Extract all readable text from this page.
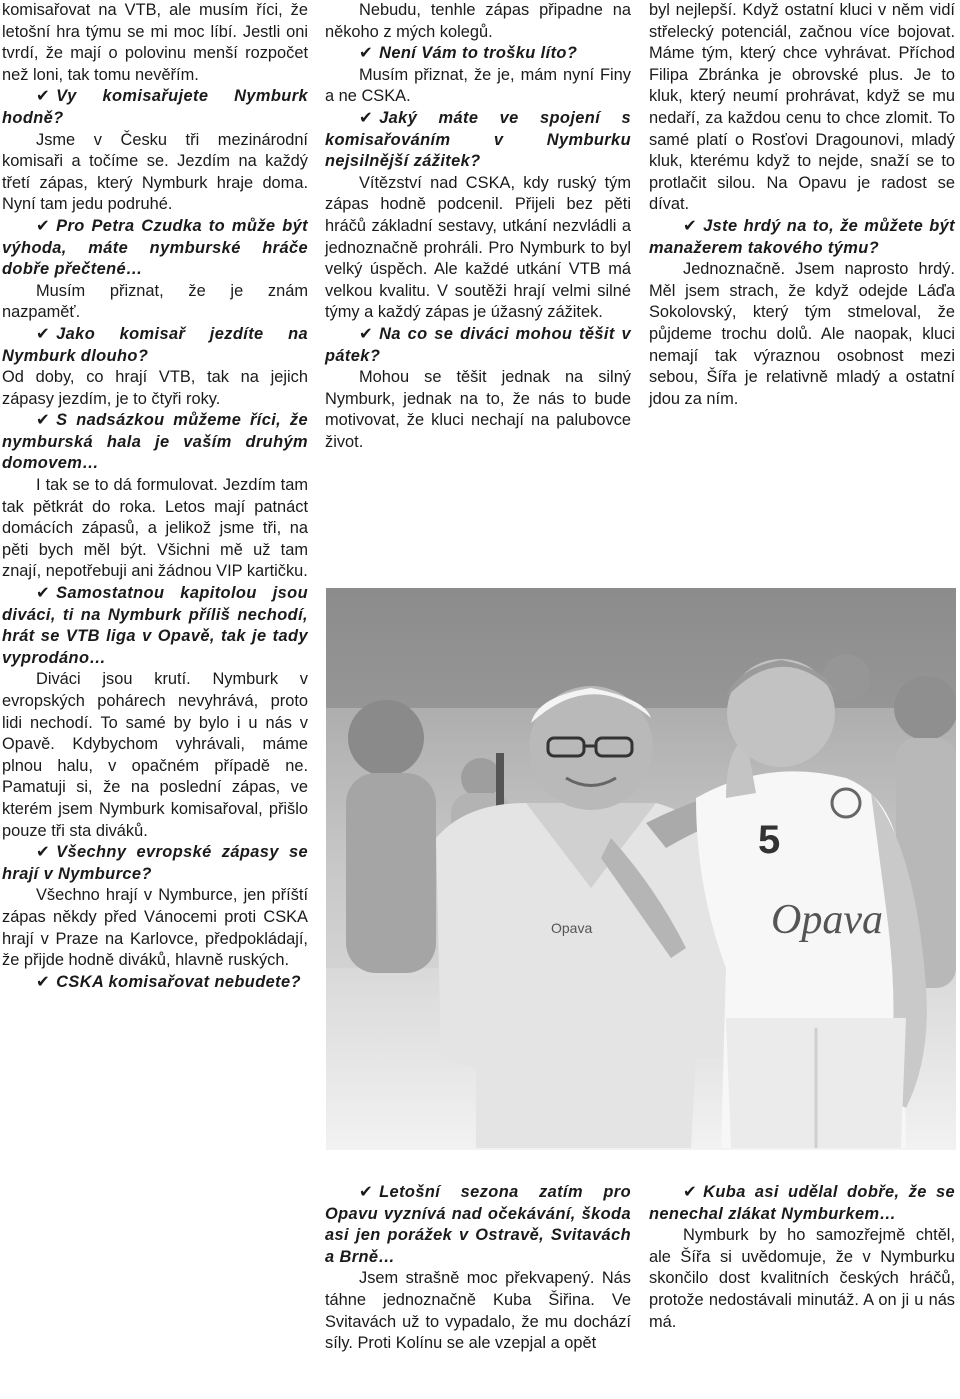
komisařovat na VTB, ale musím říci, že letošní hra týmu se mi moc líbí. Jestli oni tvrdí, že mají o polovinu menší rozpočet než loni, tak tomu nevěřím.

✔ Vy komisařujete Nymburk hodně?

Jsme v Česku tři mezinárodní komisaři a točíme se. Jezdím na každý třetí zápas, který Nymburk hraje doma. Nyní tam jedu podruhé.

✔ Pro Petra Czudka to může být výhoda, máte nymburské hráče dobře přečtené…

Musím přiznat, že je znám nazpaměť.

✔ Jako komisař jezdíte na Nymburk dlouho?

Od doby, co hrají VTB, tak na jejich zápasy jezdím, je to čtyři roky.

✔ S nadsázkou můžeme říci, že nymburská hala je vaším druhým domovem…

I tak se to dá formulovat. Jezdím tam tak pětkrát do roka. Letos mají patnáct domácích zápasů, a jelikož jsme tři, na pěti bych měl být. Všichni mě už tam znají, nepotřebuji ani žádnou VIP kartičku.

✔ Samostatnou kapitolou jsou diváci, ti na Nymburk příliš nechodí, hrát se VTB liga v Opavě, tak je tady vyprodáno…

Diváci jsou krutí. Nymburk v evropských pohárech nevyhrává, proto lidi nechodí. To samé by bylo i u nás v Opavě. Kdybychom vyhrávali, máme plnou halu, v opačném případě ne. Pamatuji si, že na poslední zápas, ve kterém jsem Nymburk komisařoval, přišlo pouze tři sta diváků.

✔ Všechny evropské zápasy se hrají v Nymburce?

Všechno hrají v Nymburce, jen příští zápas někdy před Vánocemi proti CSKA hrají v Praze na Karlovce, předpokládají, že přijde hodně diváků, hlavně ruských.

✔ CSKA komisařovat nebudete?

Nebudu, tenhle zápas připadne na někoho z mých kolegů.

✔ Není Vám to trošku líto?

Musím přiznat, že je, mám nyní Finy a ne CSKA.

✔ Jaký máte ve spojení s komisařováním v Nymburku nejsilnější zážitek?

Vítězství nad CSKA, kdy ruský tým zápas hodně podcenil. Přijeli bez pěti hráčů základní sestavy, utkání nezvládli a jednoznačně prohráli. Pro Nymburk to byl velký úspěch. Ale každé utkání VTB má velkou kvalitu. V soutěži hrají velmi silné týmy a každý zápas je úžasný zážitek.

✔ Na co se diváci mohou těšit v pátek?

Mohou se těšit jednak na silný Nymburk, jednak na to, že nás to bude motivovat, že kluci nechají na palubovce život.

byl nejlepší. Když ostatní kluci v něm vidí střelecký potenciál, začnou více bojovat. Máme tým, který chce vyhrávat. Příchod Filipa Zbránka je obrovské plus. Je to kluk, který neumí prohrávat, když se mu nedaří, za každou cenu to chce zlomit. To samé platí o Rosťovi Dragounovi, mladý kluk, kterému když to nejde, snaží se to protlačit silou. Na Opavu je radost se dívat.

✔ Jste hrdý na to, že můžete být manažerem takového týmu?

Jednoznačně. Jsem naprosto hrdý. Měl jsem strach, že když odejde Láďa Sokolovský, který tým stmeloval, že půjdeme trochu dolů. Ale naopak, kluci nemají tak výraznou osobnost mezi sebou, Šířa je relativně mladý a ostatní jdou za ním.

Opava
5
Opava

✔ Letošní sezona zatím pro Opavu vyznívá nad očekávání, škoda asi jen porážek v Ostravě, Svitavách a Brně…

Jsem strašně moc překvapený. Nás táhne jednoznačně Kuba Šiřina. Ve Svitavách už to vypadalo, že mu dochází síly. Proti Kolínu se ale vzepjal a opět

✔ Kuba asi udělal dobře, že se nenechal zlákat Nymburkem…

Nymburk by ho samozřejmě chtěl, ale Šířa si uvědomuje, že v Nymburku skončilo dost kvalitních českých hráčů, protože nedostávali minutáž. A on ji u nás má.
